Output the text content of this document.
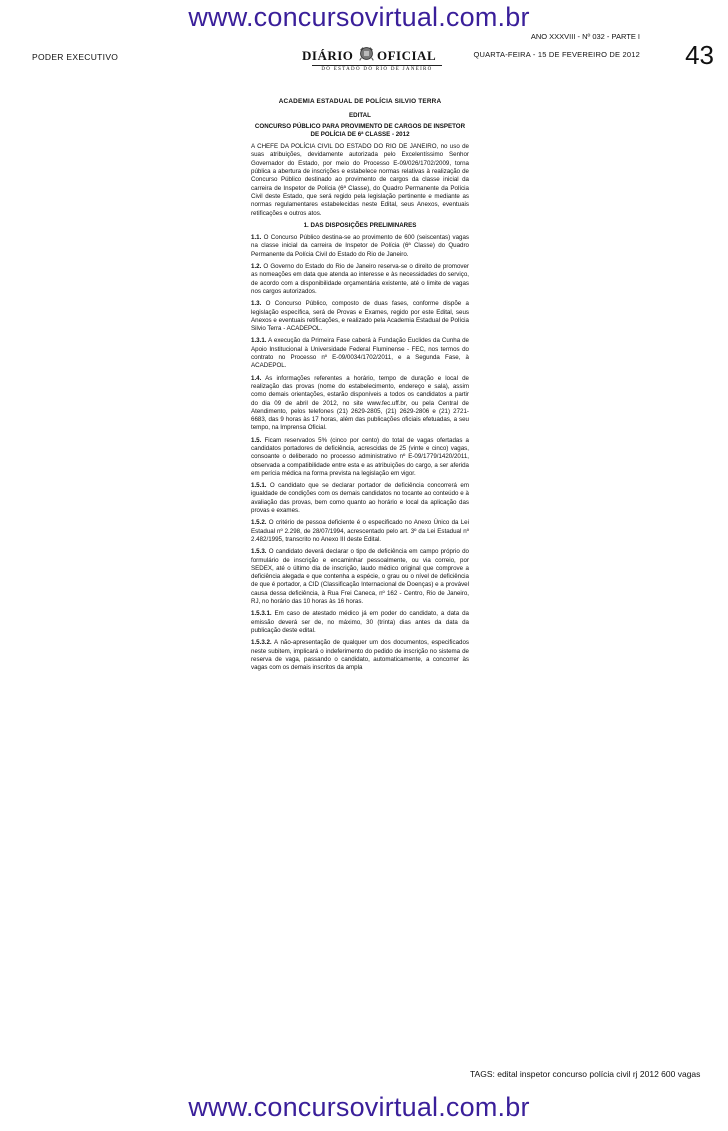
www.concursovirtual.com.br
PODER EXECUTIVO	DIÁRIO OFICIAL
DO ESTADO DO RIO DE JANEIRO
ANO XXXVIII - Nº 032 - PARTE I
QUARTA-FEIRA - 15 DE FEVEREIRO DE 2012 43
ACADEMIA ESTADUAL DE POLÍCIA SILVIO TERRA
EDITAL
CONCURSO PÚBLICO PARA PROVIMENTO DE CARGOS DE INSPETOR DE POLÍCIA DE 6ª CLASSE - 2012

A CHEFE DA POLÍCIA CIVIL DO ESTADO DO RIO DE JANEIRO, no uso de suas atribuições, devidamente autorizada pelo Excelentíssimo Senhor Governador do Estado, por meio do Processo E-09/026/1702/2009, torna pública a abertura de inscrições e estabelece normas relativas à realização de Concurso Público destinado ao provimento de cargos da classe inicial da carreira de Inspetor de Polícia (6ª Classe), do Quadro Permanente da Polícia Civil deste Estado, que será regido pela legislação pertinente e mediante as normas regulamentares estabelecidas neste Edital, seus Anexos, eventuais retificações e outros atos.

1. DAS DISPOSIÇÕES PRELIMINARES

1.1. O Concurso Público destina-se ao provimento de 600 (seiscentas) vagas na classe inicial da carreira de Inspetor de Polícia (6ª Classe) do Quadro Permanente da Polícia Civil do Estado do Rio de Janeiro.

1.2. O Governo do Estado do Rio de Janeiro reserva-se o direito de promover as nomeações em data que atenda ao interesse e às necessidades do serviço, de acordo com a disponibilidade orçamentária existente, até o limite de vagas nos cargos autorizados.

1.3. O Concurso Público, composto de duas fases, conforme dispõe a legislação específica, será de Provas e Exames, regido por este Edital, seus Anexos e eventuais retificações, e realizado pela Academia Estadual de Polícia Silvio Terra - ACADEPOL.

1.3.1. A execução da Primeira Fase caberá à Fundação Euclides da Cunha de Apoio Institucional à Universidade Federal Fluminense - FEC, nos termos do contrato no Processo nº E-09/0034/1702/2011, e a Segunda Fase, à ACADEPOL.

1.4. As informações referentes a horário, tempo de duração e local de realização das provas (nome do estabelecimento, endereço e sala), assim como demais orientações, estarão disponíveis a todos os candidatos a partir do dia 09 de abril de 2012, no site www.fec.uff.br, ou pela Central de Atendimento, pelos telefones (21) 2629-2805, (21) 2629-2806 e (21) 2721-6683, das 9 horas às 17 horas, além das publicações oficiais efetuadas, a seu tempo, na Imprensa Oficial.

1.5. Ficam reservados 5% (cinco por cento) do total de vagas ofertadas a candidatos portadores de deficiência, acrescidas de 25 (vinte e cinco) vagas, consoante o deliberado no processo administrativo nº E-09/1779/1420/2011, observada a compatibilidade entre esta e as atribuições do cargo, a ser aferida em perícia médica na forma prevista na legislação em vigor.

1.5.1. O candidato que se declarar portador de deficiência concorrerá em igualdade de condições com os demais candidatos no tocante ao conteúdo e à avaliação das provas, bem como quanto ao horário e local da aplicação das provas e exames.

1.5.2. O critério de pessoa deficiente é o especificado no Anexo Único da Lei Estadual nº 2.298, de 28/07/1994, acrescentado pelo art. 3º da Lei Estadual nº 2.482/1995, transcrito no Anexo III deste Edital.

1.5.3. O candidato deverá declarar o tipo de deficiência em campo próprio do formulário de inscrição e encaminhar pessoalmente, ou via correio, por SEDEX, até o último dia de inscrição, laudo médico original que comprove a deficiência alegada e que contenha a espécie, o grau ou o nível de deficiência de que é portador, a CID (Classificação Internacional de Doenças) e a provável causa dessa deficiência, à Rua Frei Caneca, nº 162 - Centro, Rio de Janeiro, RJ, no horário das 10 horas às 16 horas.

1.5.3.1. Em caso de atestado médico já em poder do candidato, a data da emissão deverá ser de, no máximo, 30 (trinta) dias antes da data da publicação deste edital.

1.5.3.2. A não-apresentação de qualquer um dos documentos, especificados neste subitem, implicará o indeferimento do pedido de inscrição no sistema de reserva de vaga, passando o candidato, automaticamente, a concorrer às vagas com os demais inscritos da ampla

TAGS: edital inspetor concurso polícia civil rj 2012 600 vagas
www.concursovirtual.com.br
